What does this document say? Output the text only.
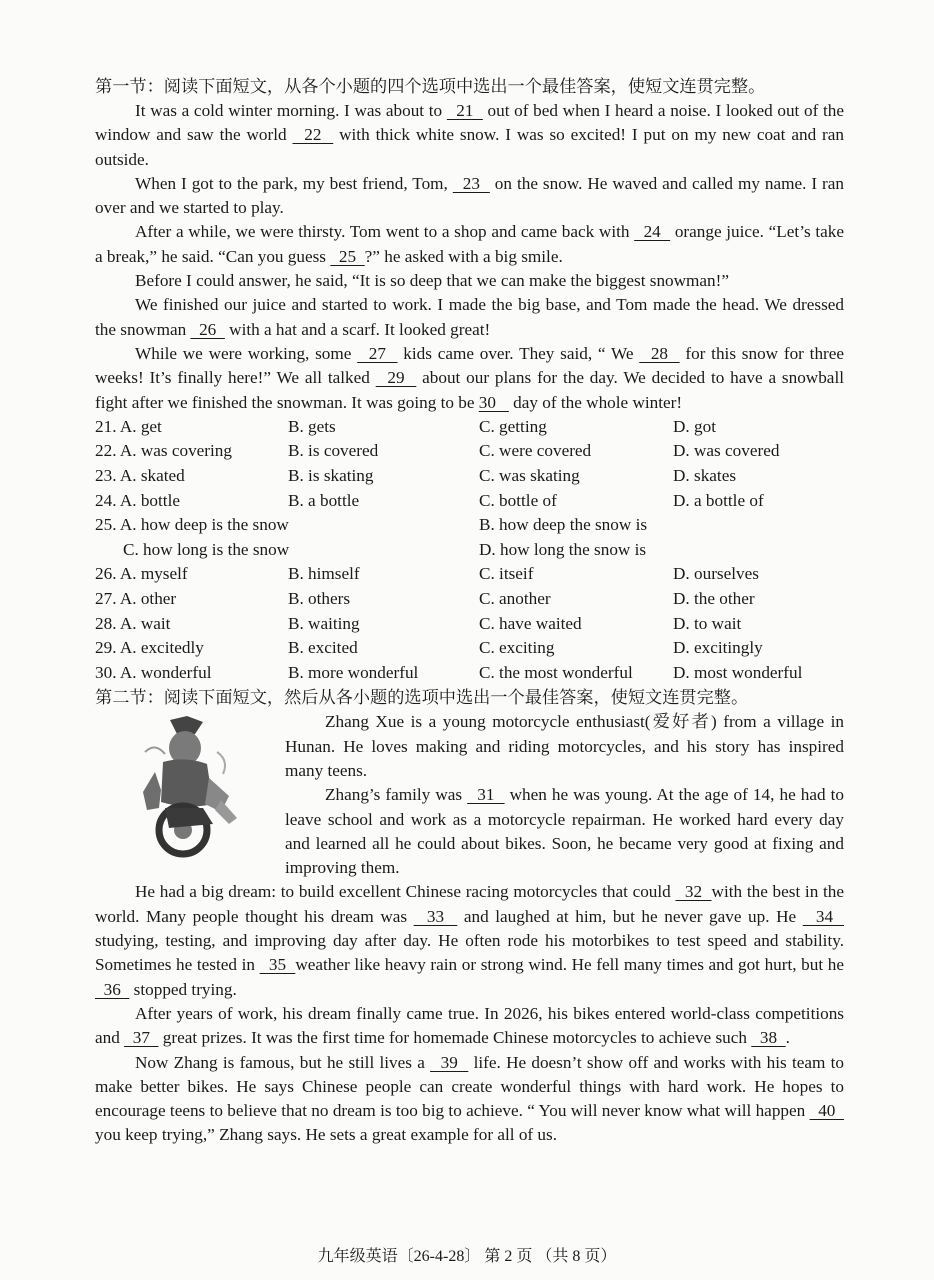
第一节：阅读下面短文，从各个小题的四个选项中选出一个最佳答案，使短文连贯完整。

It was a cold winter morning. I was about to   21   out of bed when I heard a noise. I looked out of the window and saw the world   22   with thick white snow. I was so excited! I put on my new coat and ran outside.

When I got to the park, my best friend, Tom,   23   on the snow. He waved and called my name. I ran over and we started to play.

After a while, we were thirsty. Tom went to a shop and came back with   24   orange juice. “Let’s take a break,” he said. “Can you guess   25  ?” he asked with a big smile.

Before I could answer, he said, “It is so deep that we can make the biggest snowman!”

We finished our juice and started to work. I made the big base, and Tom made the head. We dressed the snowman   26   with a hat and a scarf. It looked great!

While we were working, some   27   kids came over. They said, “ We   28   for this snow for three weeks! It’s finally here!” We all talked   29   about our plans for the day. We decided to have a snowball fight after we finished the snowman. It was going to be 30    day of the whole winter!

21. A. get	B. gets	C. getting	D. got
22. A. was covering	B. is covered	C. were covered	D. was covered
23. A. skated	B. is skating	C. was skating	D. skates
24. A. bottle	B. a bottle	C. bottle of	D. a bottle of
25. A. how deep is the snow	B. how deep the snow is
C. how long is the snow	D. how long the snow is
26. A. myself	B. himself	C. itseif	D. ourselves
27. A. other	B. others	C. another	D. the other
28. A. wait	B. waiting	C. have waited	D. to wait
29. A. excitedly	B. excited	C. exciting	D. excitingly
30. A. wonderful	B. more wonderful	C. the most wonderful	D. most wonderful

第二节：阅读下面短文，然后从各小题的选项中选出一个最佳答案，使短文连贯完整。

Zhang Xue is a young motorcycle enthusiast(爱好者) from a village in Hunan. He loves making and riding motorcycles, and his story has inspired many teens.

Zhang’s family was   31   when he was young. At the age of 14, he had to leave school and work as a motorcycle repairman. He worked hard every day and learned all he could about bikes. Soon, he became very good at fixing and improving them.

He had a big dream: to build excellent Chinese racing motorcycles that could   32  with the best in the world. Many people thought his dream was   33   and laughed at him, but he never gave up. He   34   studying, testing, and improving day after day. He often rode his motorbikes to test speed and stability. Sometimes he tested in   35  weather like heavy rain or strong wind. He fell many times and got hurt, but he   36   stopped trying.

After years of work, his dream finally came true. In 2026, his bikes entered world-class competitions and   37   great prizes. It was the first time for homemade Chinese motorcycles to achieve such   38  .

Now Zhang is famous, but he still lives a   39   life. He doesn’t show off and works with his team to make better bikes. He says Chinese people can create wonderful things with hard work. He hopes to encourage teens to believe that no dream is too big to achieve. “ You will never know what will happen   40   you keep trying,” Zhang says. He sets a great example for all of us.

九年级英语〔26-4-28〕 第 2 页 （共 8 页）
